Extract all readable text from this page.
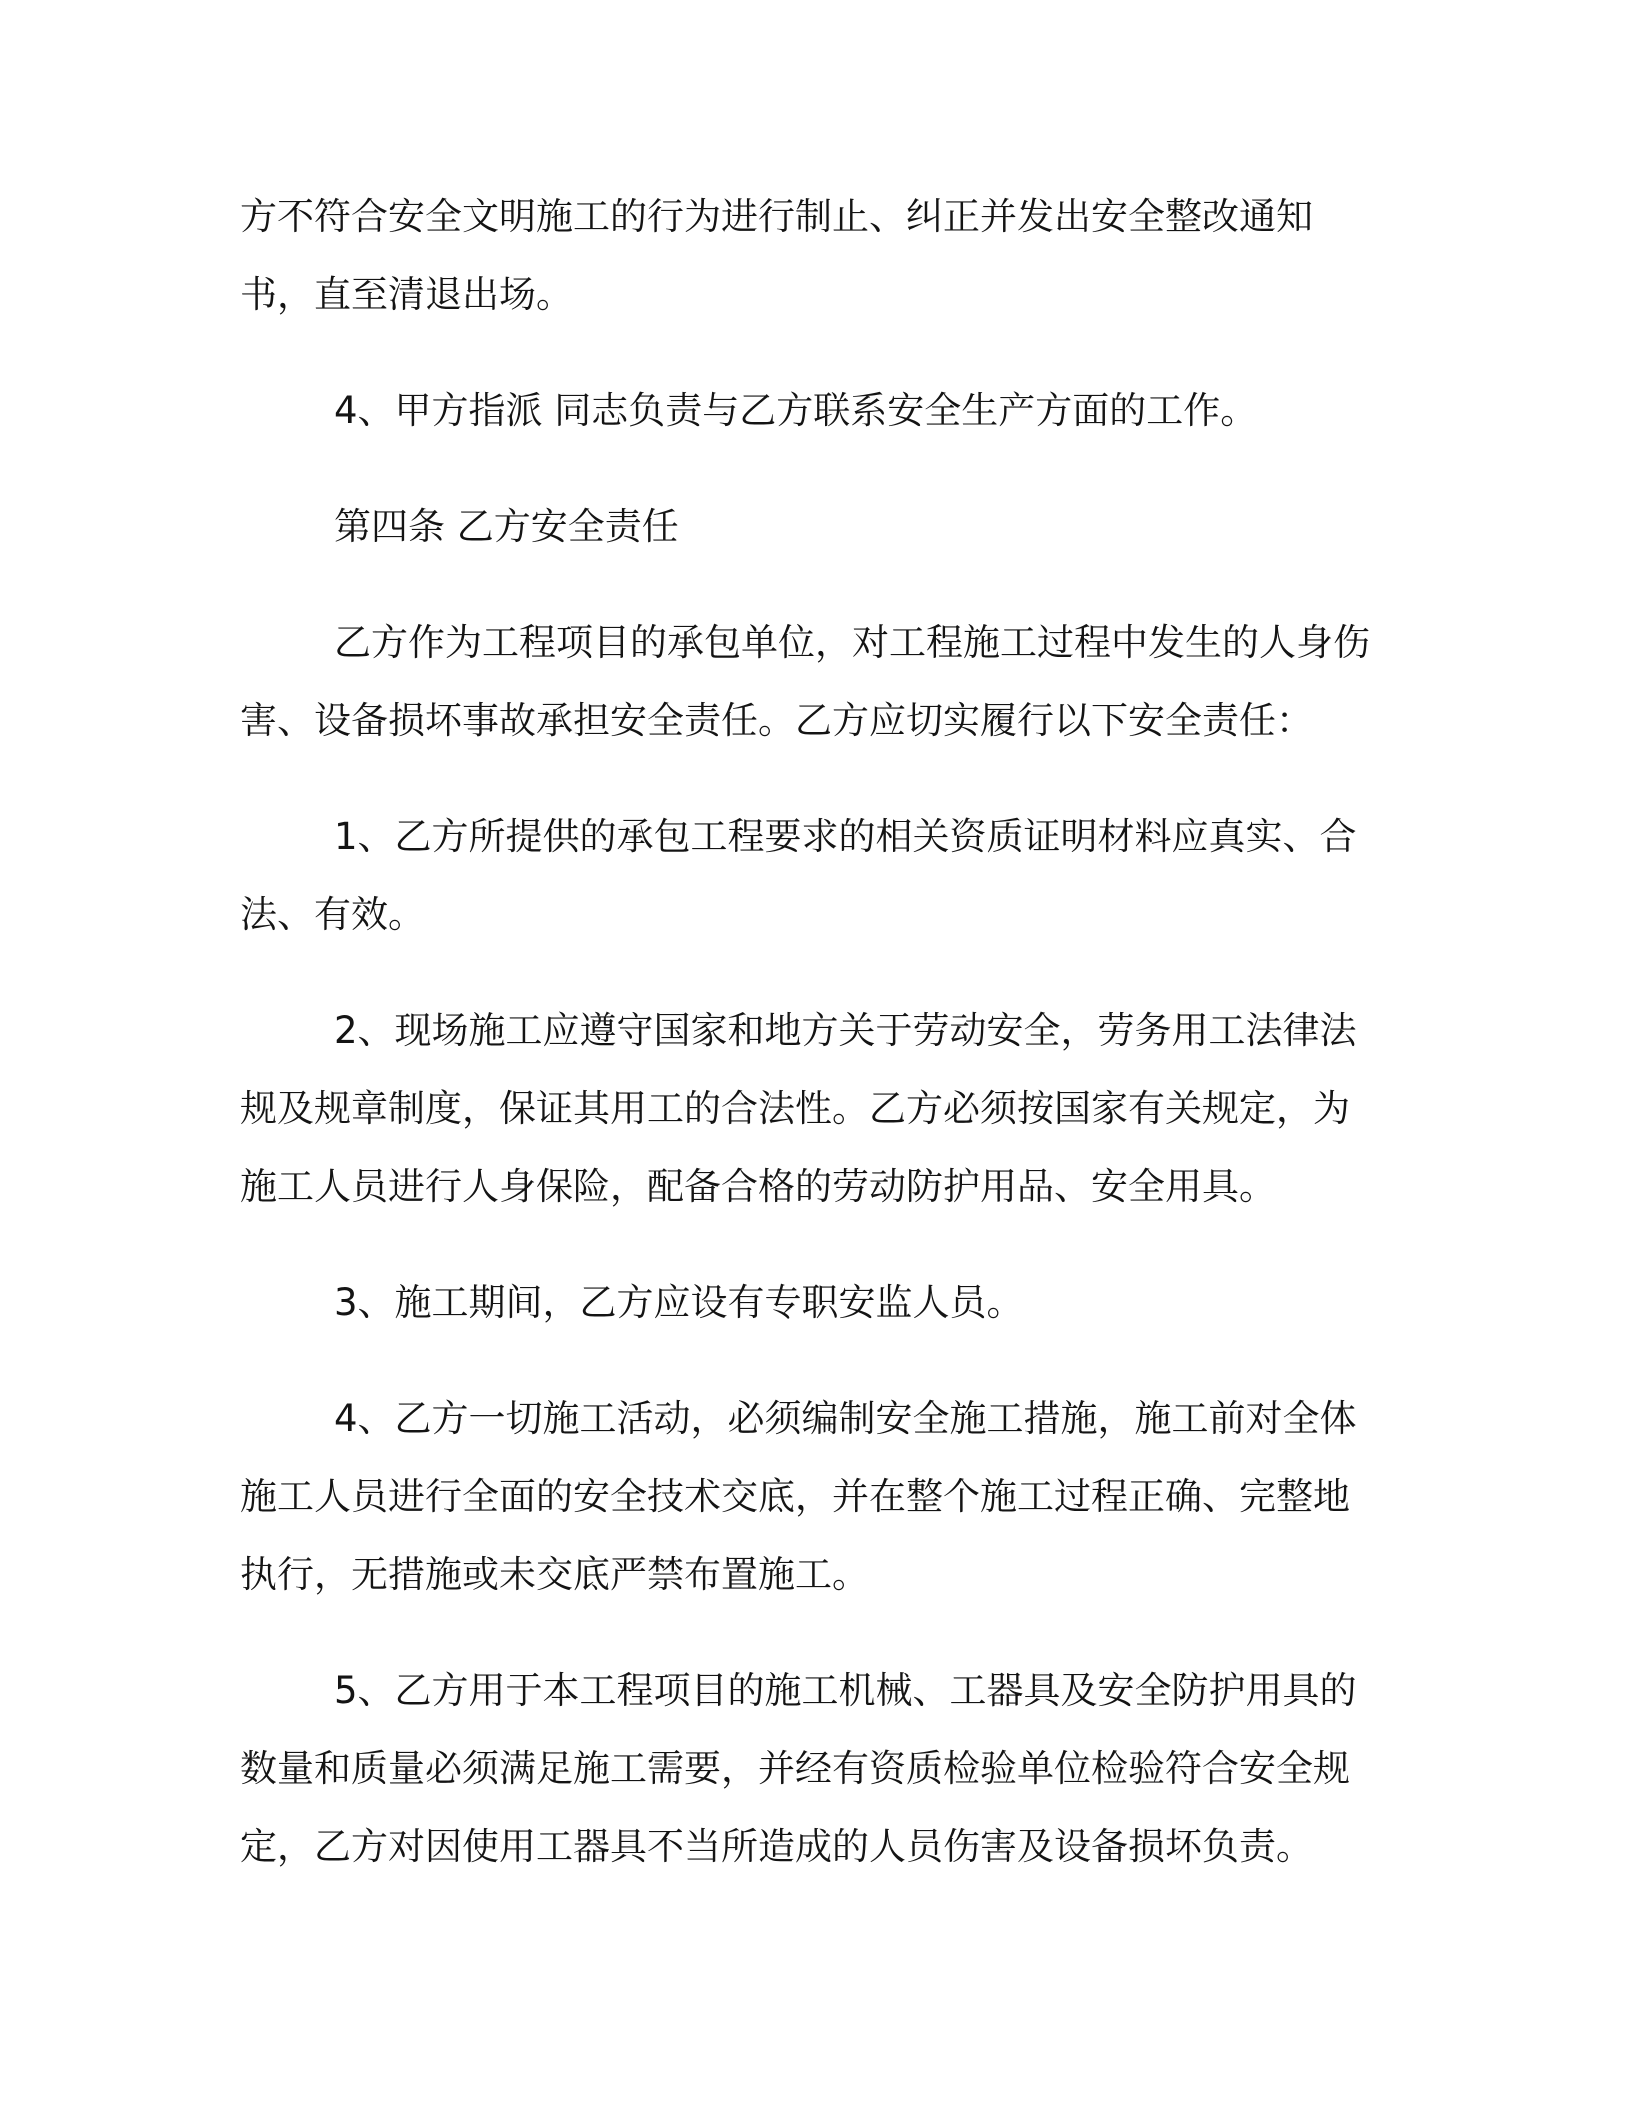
方不符合安全文明施工的行为进行制止、纠正并发出安全整改通知书，直至清退出场。

4、甲方指派 同志负责与乙方联系安全生产方面的工作。

第四条 乙方安全责任

乙方作为工程项目的承包单位，对工程施工过程中发生的人身伤害、设备损坏事故承担安全责任。乙方应切实履行以下安全责任：

1、乙方所提供的承包工程要求的相关资质证明材料应真实、合法、有效。

2、现场施工应遵守国家和地方关于劳动安全，劳务用工法律法规及规章制度，保证其用工的合法性。乙方必须按国家有关规定，为施工人员进行人身保险，配备合格的劳动防护用品、安全用具。

3、施工期间，乙方应设有专职安监人员。

4、乙方一切施工活动，必须编制安全施工措施，施工前对全体施工人员进行全面的安全技术交底，并在整个施工过程正确、完整地执行，无措施或未交底严禁布置施工。

5、乙方用于本工程项目的施工机械、工器具及安全防护用具的数量和质量必须满足施工需要，并经有资质检验单位检验符合安全规定，乙方对因使用工器具不当所造成的人员伤害及设备损坏负责。
